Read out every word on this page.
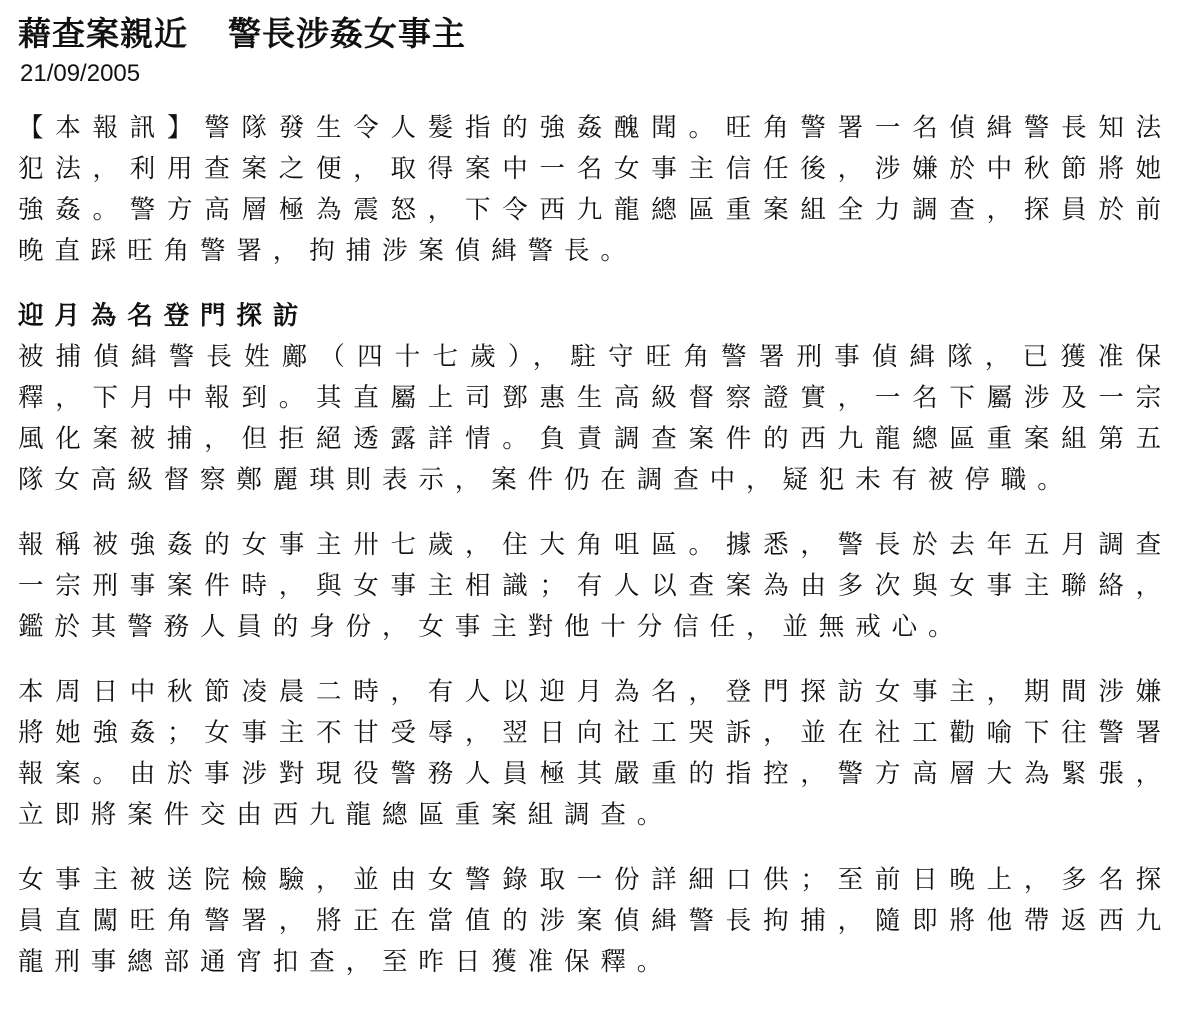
藉查案親近 警長涉姦女事主
21/09/2005

【本報訊】警隊發生令人髮指的強姦醜聞。旺角警署一名偵緝警長知法犯法，利用查案之便，取得案中一名女事主信任後，涉嫌於中秋節將她強姦。警方高層極為震怒，下令西九龍總區重案組全力調查，探員於前晚直踩旺角警署，拘捕涉案偵緝警長。

迎月為名登門探訪

被捕偵緝警長姓鄺（四十七歲），駐守旺角警署刑事偵緝隊，已獲准保釋，下月中報到。其直屬上司鄧惠生高級督察證實，一名下屬涉及一宗風化案被捕，但拒絕透露詳情。負責調查案件的西九龍總區重案組第五隊女高級督察鄭麗琪則表示，案件仍在調查中，疑犯未有被停職。

報稱被強姦的女事主卅七歲，住大角咀區。據悉，警長於去年五月調查一宗刑事案件時，與女事主相識；有人以查案為由多次與女事主聯絡，鑑於其警務人員的身份，女事主對他十分信任，並無戒心。

本周日中秋節凌晨二時，有人以迎月為名，登門探訪女事主，期間涉嫌將她強姦；女事主不甘受辱，翌日向社工哭訴，並在社工勸喻下往警署報案。由於事涉對現役警務人員極其嚴重的指控，警方高層大為緊張，立即將案件交由西九龍總區重案組調查。

女事主被送院檢驗，並由女警錄取一份詳細口供；至前日晚上，多名探員直闖旺角警署，將正在當值的涉案偵緝警長拘捕，隨即將他帶返西九龍刑事總部通宵扣查，至昨日獲准保釋。
